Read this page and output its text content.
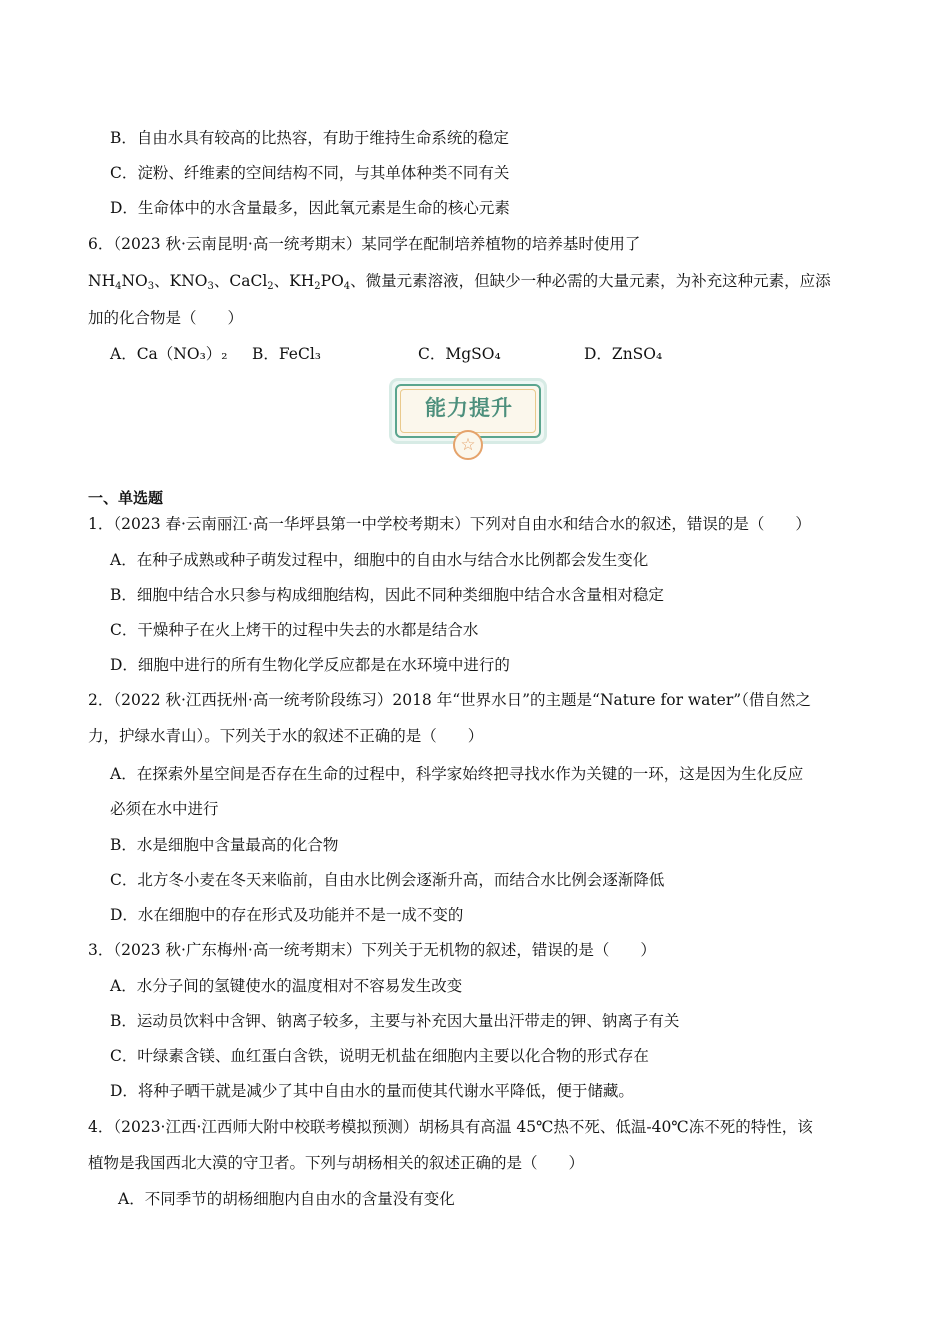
B．自由水具有较高的比热容，有助于维持生命系统的稳定
C．淀粉、纤维素的空间结构不同，与其单体种类不同有关
D．生命体中的水含量最多，因此氧元素是生命的核心元素
6．（2023 秋·云南昆明·高一统考期末）某同学在配制培养植物的培养基时使用了
$NH_4NO_3$、$KNO_3$、CaCl$_2$、$KH_2PO_4$、微量元素溶液，但缺少一种必需的大量元素，为补充这种元素，应添
加的化合物是（　　）
A．Ca（NO₃）₂ B．FeCl₃	C．MgSO₄	D．ZnSO₄
能力提升
☆
一、单选题
1．（2023 春·云南丽江·高一华坪县第一中学校考期末）下列对自由水和结合水的叙述，错误的是（　　）
A．在种子成熟或种子萌发过程中，细胞中的自由水与结合水比例都会发生变化
B．细胞中结合水只参与构成细胞结构，因此不同种类细胞中结合水含量相对稳定
C．干燥种子在火上烤干的过程中失去的水都是结合水
D．细胞中进行的所有生物化学反应都是在水环境中进行的
2．（2022 秋·江西抚州·高一统考阶段练习）2018 年“世界水日”的主题是“Nature for water”（借自然之
力，护绿水青山）。下列关于水的叙述不正确的是（　　）
A．在探索外星空间是否存在生命的过程中，科学家始终把寻找水作为关键的一环，这是因为生化反应
必须在水中进行
B．水是细胞中含量最高的化合物
C．北方冬小麦在冬天来临前，自由水比例会逐渐升高，而结合水比例会逐渐降低
D．水在细胞中的存在形式及功能并不是一成不变的
3．（2023 秋·广东梅州·高一统考期末）下列关于无机物的叙述，错误的是（　　）
A．水分子间的氢键使水的温度相对不容易发生改变
B．运动员饮料中含钾、钠离子较多，主要与补充因大量出汗带走的钾、钠离子有关
C．叶绿素含镁、血红蛋白含铁，说明无机盐在细胞内主要以化合物的形式存在
D．将种子晒干就是减少了其中自由水的量而使其代谢水平降低，便于储藏。
4．（2023·江西·江西师大附中校联考模拟预测）胡杨具有高温 45℃热不死、低温-40℃冻不死的特性，该
植物是我国西北大漠的守卫者。下列与胡杨相关的叙述正确的是（　　）
A．不同季节的胡杨细胞内自由水的含量没有变化
